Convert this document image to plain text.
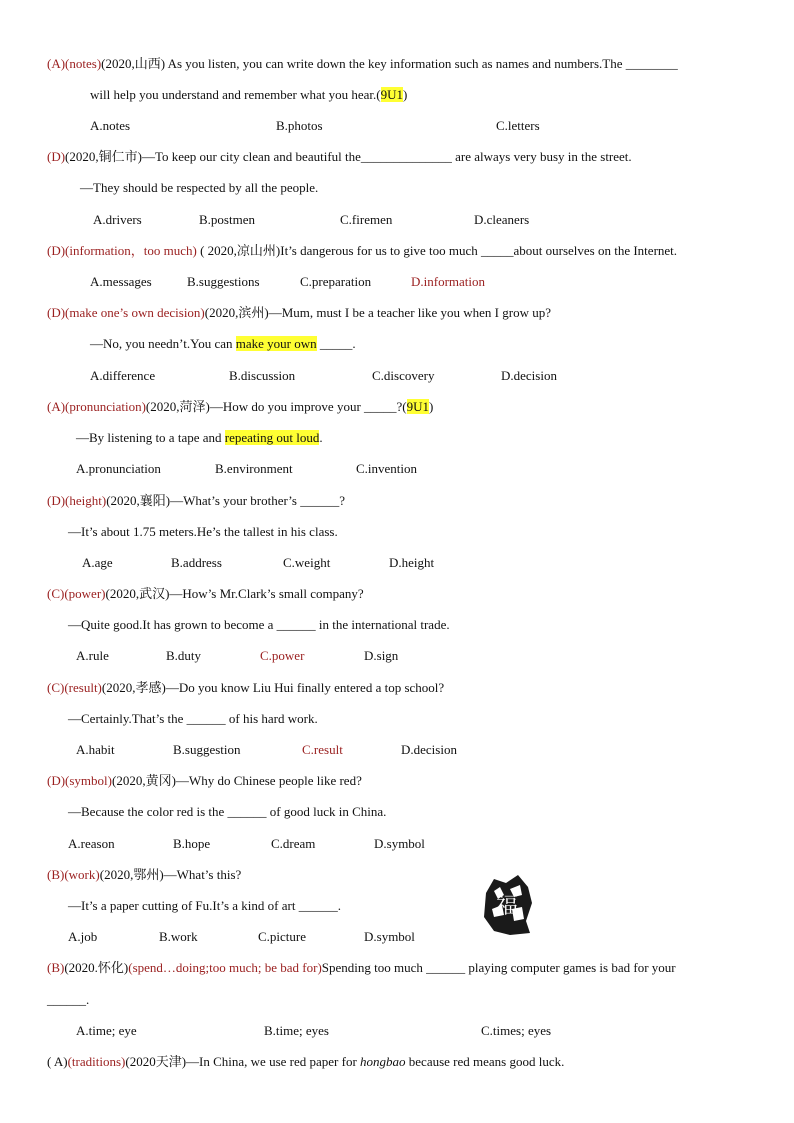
(A)(notes)(2020,山西) As you listen, you can write down the key information such as names and numbers.The ________
will help you understand and remember what you hear.(9U1)
A.notes	B.photos	C.letters
(D)(2020,铜仁市)—To keep our city clean and beautiful the______________ are always very busy in the street.
—They should be respected by all the people.
A.drivers	B.postmen	C.firemen	D.cleaners
(D)(information，too much) ( 2020,凉山州)It’s dangerous for us to give too much _____about ourselves on the Internet.
A.messages	B.suggestions	C.preparation	D.information
(D)(make one’s own decision)(2020,滨州)—Mum, must I be a teacher like you when I grow up?
—No, you needn’t.You can make your own _____.
A.difference	B.discussion	C.discovery	D.decision
(A)(pronunciation)(2020,菏泽)—How do you improve your _____?(9U1)
—By listening to a tape and repeating out loud.
A.pronunciation	B.environment	C.invention
(D)(height)(2020,襄阳)—What’s your brother’s ______?
—It’s about 1.75 meters.He’s the tallest in his class.
A.age	B.address	C.weight	D.height
(C)(power)(2020,武汉)—How’s Mr.Clark’s small company?
—Quite good.It has grown to become a ______ in the international trade.
A.rule	B.duty	C.power	D.sign
(C)(result)(2020,孝感)—Do you know Liu Hui finally entered a top school?
—Certainly.That’s the ______ of his hard work.
A.habit	B.suggestion	C.result	D.decision
(D)(symbol)(2020,黄冈)—Why do Chinese people like red?
—Because the color red is the ______ of good luck in China.
A.reason	B.hope	C.dream	D.symbol
(B)(work)(2020,鄂州)—What’s this?
—It’s a paper cutting of Fu.It’s a kind of art ______.
A.job	B.work	C.picture	D.symbol
福
(B)(2020.怀化)(spend…doing;too much; be bad for)Spending too much ______ playing computer games is bad for your
______.
A.time; eye	B.time; eyes	C.times; eyes
( A)(traditions)(2020天津)—In China, we use red paper for hongbao because red means good luck.
